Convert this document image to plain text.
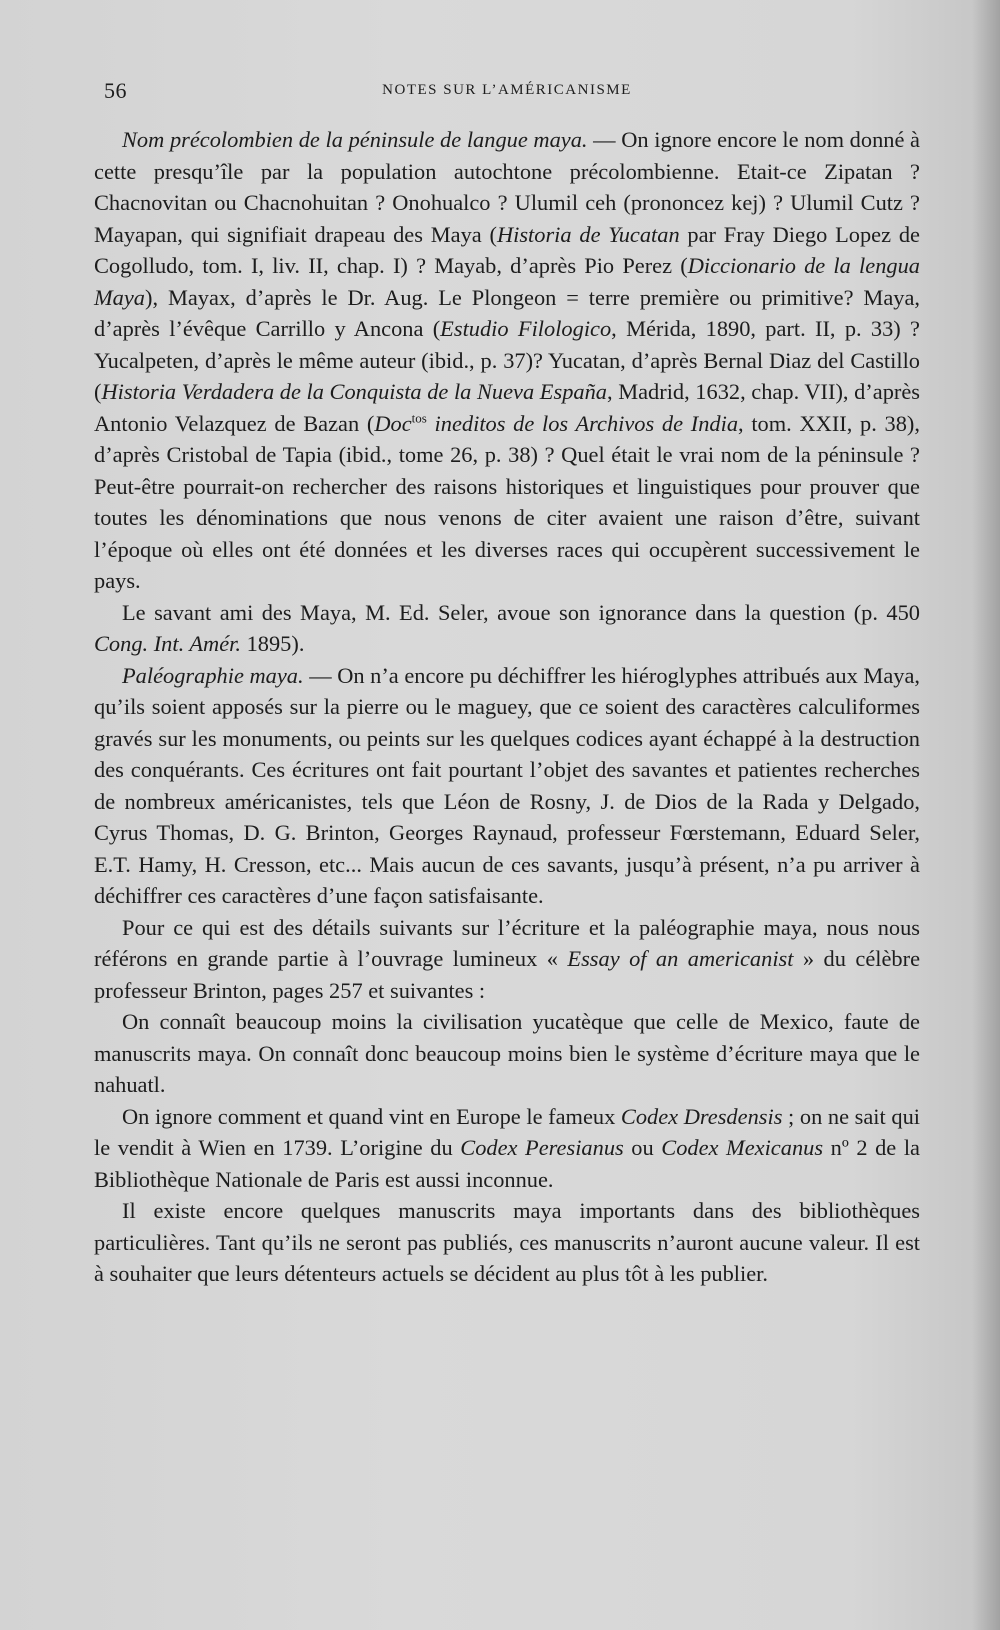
56	NOTES SUR L’AMÉRICANISME

Nom précolombien de la péninsule de langue maya. — On ignore encore le nom donné à cette presqu’île par la population autochtone précolombienne. Etait-ce Zipatan ? Chacnovitan ou Chacnohuitan ? Onohualco ? Ulumil ceh (prononcez kej) ? Ulumil Cutz ? Mayapan, qui signifiait drapeau des Maya (Historia de Yucatan par Fray Diego Lopez de Cogolludo, tom. I, liv. II, chap. I) ? Mayab, d’après Pio Perez (Diccionario de la lengua Maya), Mayax, d’après le Dr. Aug. Le Plongeon = terre première ou primitive? Maya, d’après l’évêque Carrillo y Ancona (Estudio Filologico, Mérida, 1890, part. II, p. 33) ? Yucalpeten, d’après le même auteur (ibid., p. 37)? Yucatan, d’après Bernal Diaz del Castillo (Historia Verdadera de la Conquista de la Nueva España, Madrid, 1632, chap. VII), d’après Antonio Velazquez de Bazan (Doc$^{tos}$ ineditos de los Archivos de India, tom. XXII, p. 38), d’après Cristobal de Tapia (ibid., tome 26, p. 38) ? Quel était le vrai nom de la péninsule ? Peut-être pourrait-on rechercher des raisons historiques et linguistiques pour prouver que toutes les dénominations que nous venons de citer avaient une raison d’être, suivant l’époque où elles ont été données et les diverses races qui occupèrent successivement le pays.

Le savant ami des Maya, M. Ed. Seler, avoue son ignorance dans la question (p. 450 Cong. Int. Amér. 1895).

Paléographie maya. — On n’a encore pu déchiffrer les hiéroglyphes attribués aux Maya, qu’ils soient apposés sur la pierre ou le maguey, que ce soient des caractères calculiformes gravés sur les monuments, ou peints sur les quelques codices ayant échappé à la destruction des conquérants. Ces écritures ont fait pourtant l’objet des savantes et patientes recherches de nombreux américanistes, tels que Léon de Rosny, J. de Dios de la Rada y Delgado, Cyrus Thomas, D. G. Brinton, Georges Raynaud, professeur Fœrstemann, Eduard Seler, E.T. Hamy, H. Cresson, etc... Mais aucun de ces savants, jusqu’à présent, n’a pu arriver à déchiffrer ces caractères d’une façon satisfaisante.

Pour ce qui est des détails suivants sur l’écriture et la paléographie maya, nous nous référons en grande partie à l’ouvrage lumineux « Essay of an americanist » du célèbre professeur Brinton, pages 257 et suivantes :

On connaît beaucoup moins la civilisation yucatèque que celle de Mexico, faute de manuscrits maya. On connaît donc beaucoup moins bien le système d’écriture maya que le nahuatl.

On ignore comment et quand vint en Europe le fameux Codex Dresdensis ; on ne sait qui le vendit à Wien en 1739. L’origine du Codex Peresianus ou Codex Mexicanus nº 2 de la Bibliothèque Nationale de Paris est aussi inconnue.

Il existe encore quelques manuscrits maya importants dans des bibliothèques particulières. Tant qu’ils ne seront pas publiés, ces manuscrits n’auront aucune valeur. Il est à souhaiter que leurs détenteurs actuels se décident au plus tôt à les publier.
